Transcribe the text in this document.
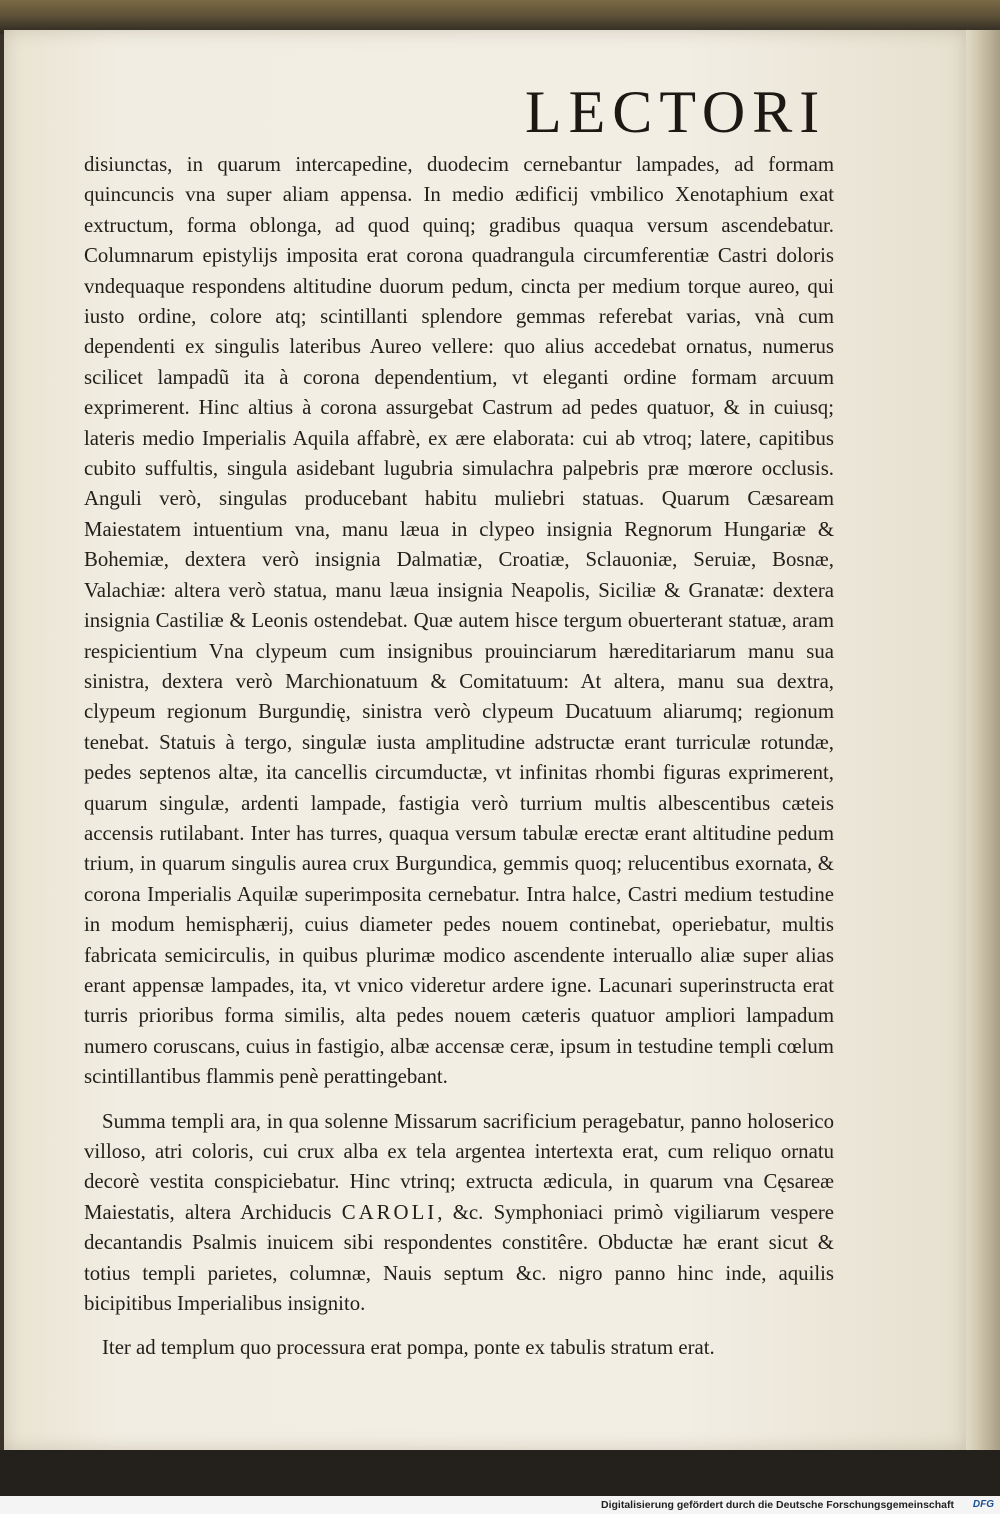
LECTORI

disiunctas, in quarum intercapedine, duodecim cernebantur lampades, ad formam quincuncis vna super aliam appensa. In medio ædificij vmbilico Xenotaphium exat extructum, forma oblonga, ad quod quinq; gradibus quaqua versum ascendebatur. Columnarum epistylijs imposita erat corona quadrangula circumferentiæ Castri doloris vndequaque respondens altitudine duorum pedum, cincta per medium torque aureo, qui iusto ordine, colore atq; scintillanti splendore gemmas referebat varias, vnà cum dependenti ex singulis lateribus Aureo vellere: quo alius accedebat ornatus, numerus scilicet lampadũ ita à corona dependentium, vt eleganti ordine formam arcuum exprimerent. Hinc altius à corona assurgebat Castrum ad pedes quatuor, & in cuiusq; lateris medio Imperialis Aquila affabrè, ex ære elaborata: cui ab vtroq; latere, capitibus cubito suffultis, singula asidebant lugubria simulachra palpebris præ mœrore occlusis. Anguli verò, singulas producebant habitu muliebri statuas. Quarum Cæsaream Maiestatem intuentium vna, manu læua in clypeo insignia Regnorum Hungariæ & Bohemiæ, dextera verò insignia Dalmatiæ, Croatiæ, Sclauoniæ, Seruiæ, Bosnæ, Valachiæ: altera verò statua, manu læua insignia Neapolis, Siciliæ & Granatæ: dextera insignia Castiliæ & Leonis ostendebat. Quæ autem hisce tergum obuerterant statuæ, aram respicientium Vna clypeum cum insignibus prouinciarum hæreditariarum manu sua sinistra, dextera verò Marchionatuum & Comitatuum: At altera, manu sua dextra, clypeum regionum Burgundię, sinistra verò clypeum Ducatuum aliarumq; regionum tenebat. Statuis à tergo, singulæ iusta amplitudine adstructæ erant turriculæ rotundæ, pedes septenos altæ, ita cancellis circumductæ, vt infinitas rhombi figuras exprimerent, quarum singulæ, ardenti lampade, fastigia verò turrium multis albescentibus cæteis accensis rutilabant. Inter has turres, quaqua versum tabulæ erectæ erant altitudine pedum trium, in quarum singulis aurea crux Burgundica, gemmis quoq; relucentibus exornata, & corona Imperialis Aquilæ superimposita cernebatur. Intra halce, Castri medium testudine in modum hemisphærij, cuius diameter pedes nouem continebat, operiebatur, multis fabricata semicirculis, in quibus plurimæ modico ascendente interuallo aliæ super alias erant appensæ lampades, ita, vt vnico videretur ardere igne. Lacunari superinstructa erat turris prioribus forma similis, alta pedes nouem cæteris quatuor ampliori lampadum numero coruscans, cuius in fastigio, albæ accensæ ceræ, ipsum in testudine templi cœlum scintillantibus flammis penè perattingebant.

Summa templi ara, in qua solenne Missarum sacrificium peragebatur, panno holoserico villoso, atri coloris, cui crux alba ex tela argentea intertexta erat, cum reliquo ornatu decorè vestita conspiciebatur. Hinc vtrinq; extructa ædicula, in quarum vna Cęsareæ Maiestatis, altera Archiducis CAROLI, &c. Symphoniaci primò vigiliarum vespere decantandis Psalmis inuicem sibi respondentes constitêre. Obductæ hæ erant sicut & totius templi parietes, columnæ, Nauis septum &c. nigro panno hinc inde, aquilis bicipitibus Imperialibus insignito.

Iter ad templum quo processura erat pompa, ponte ex tabulis stratum erat.

Digitalisierung gefördert durch die Deutsche Forschungsgemeinschaft DFG
